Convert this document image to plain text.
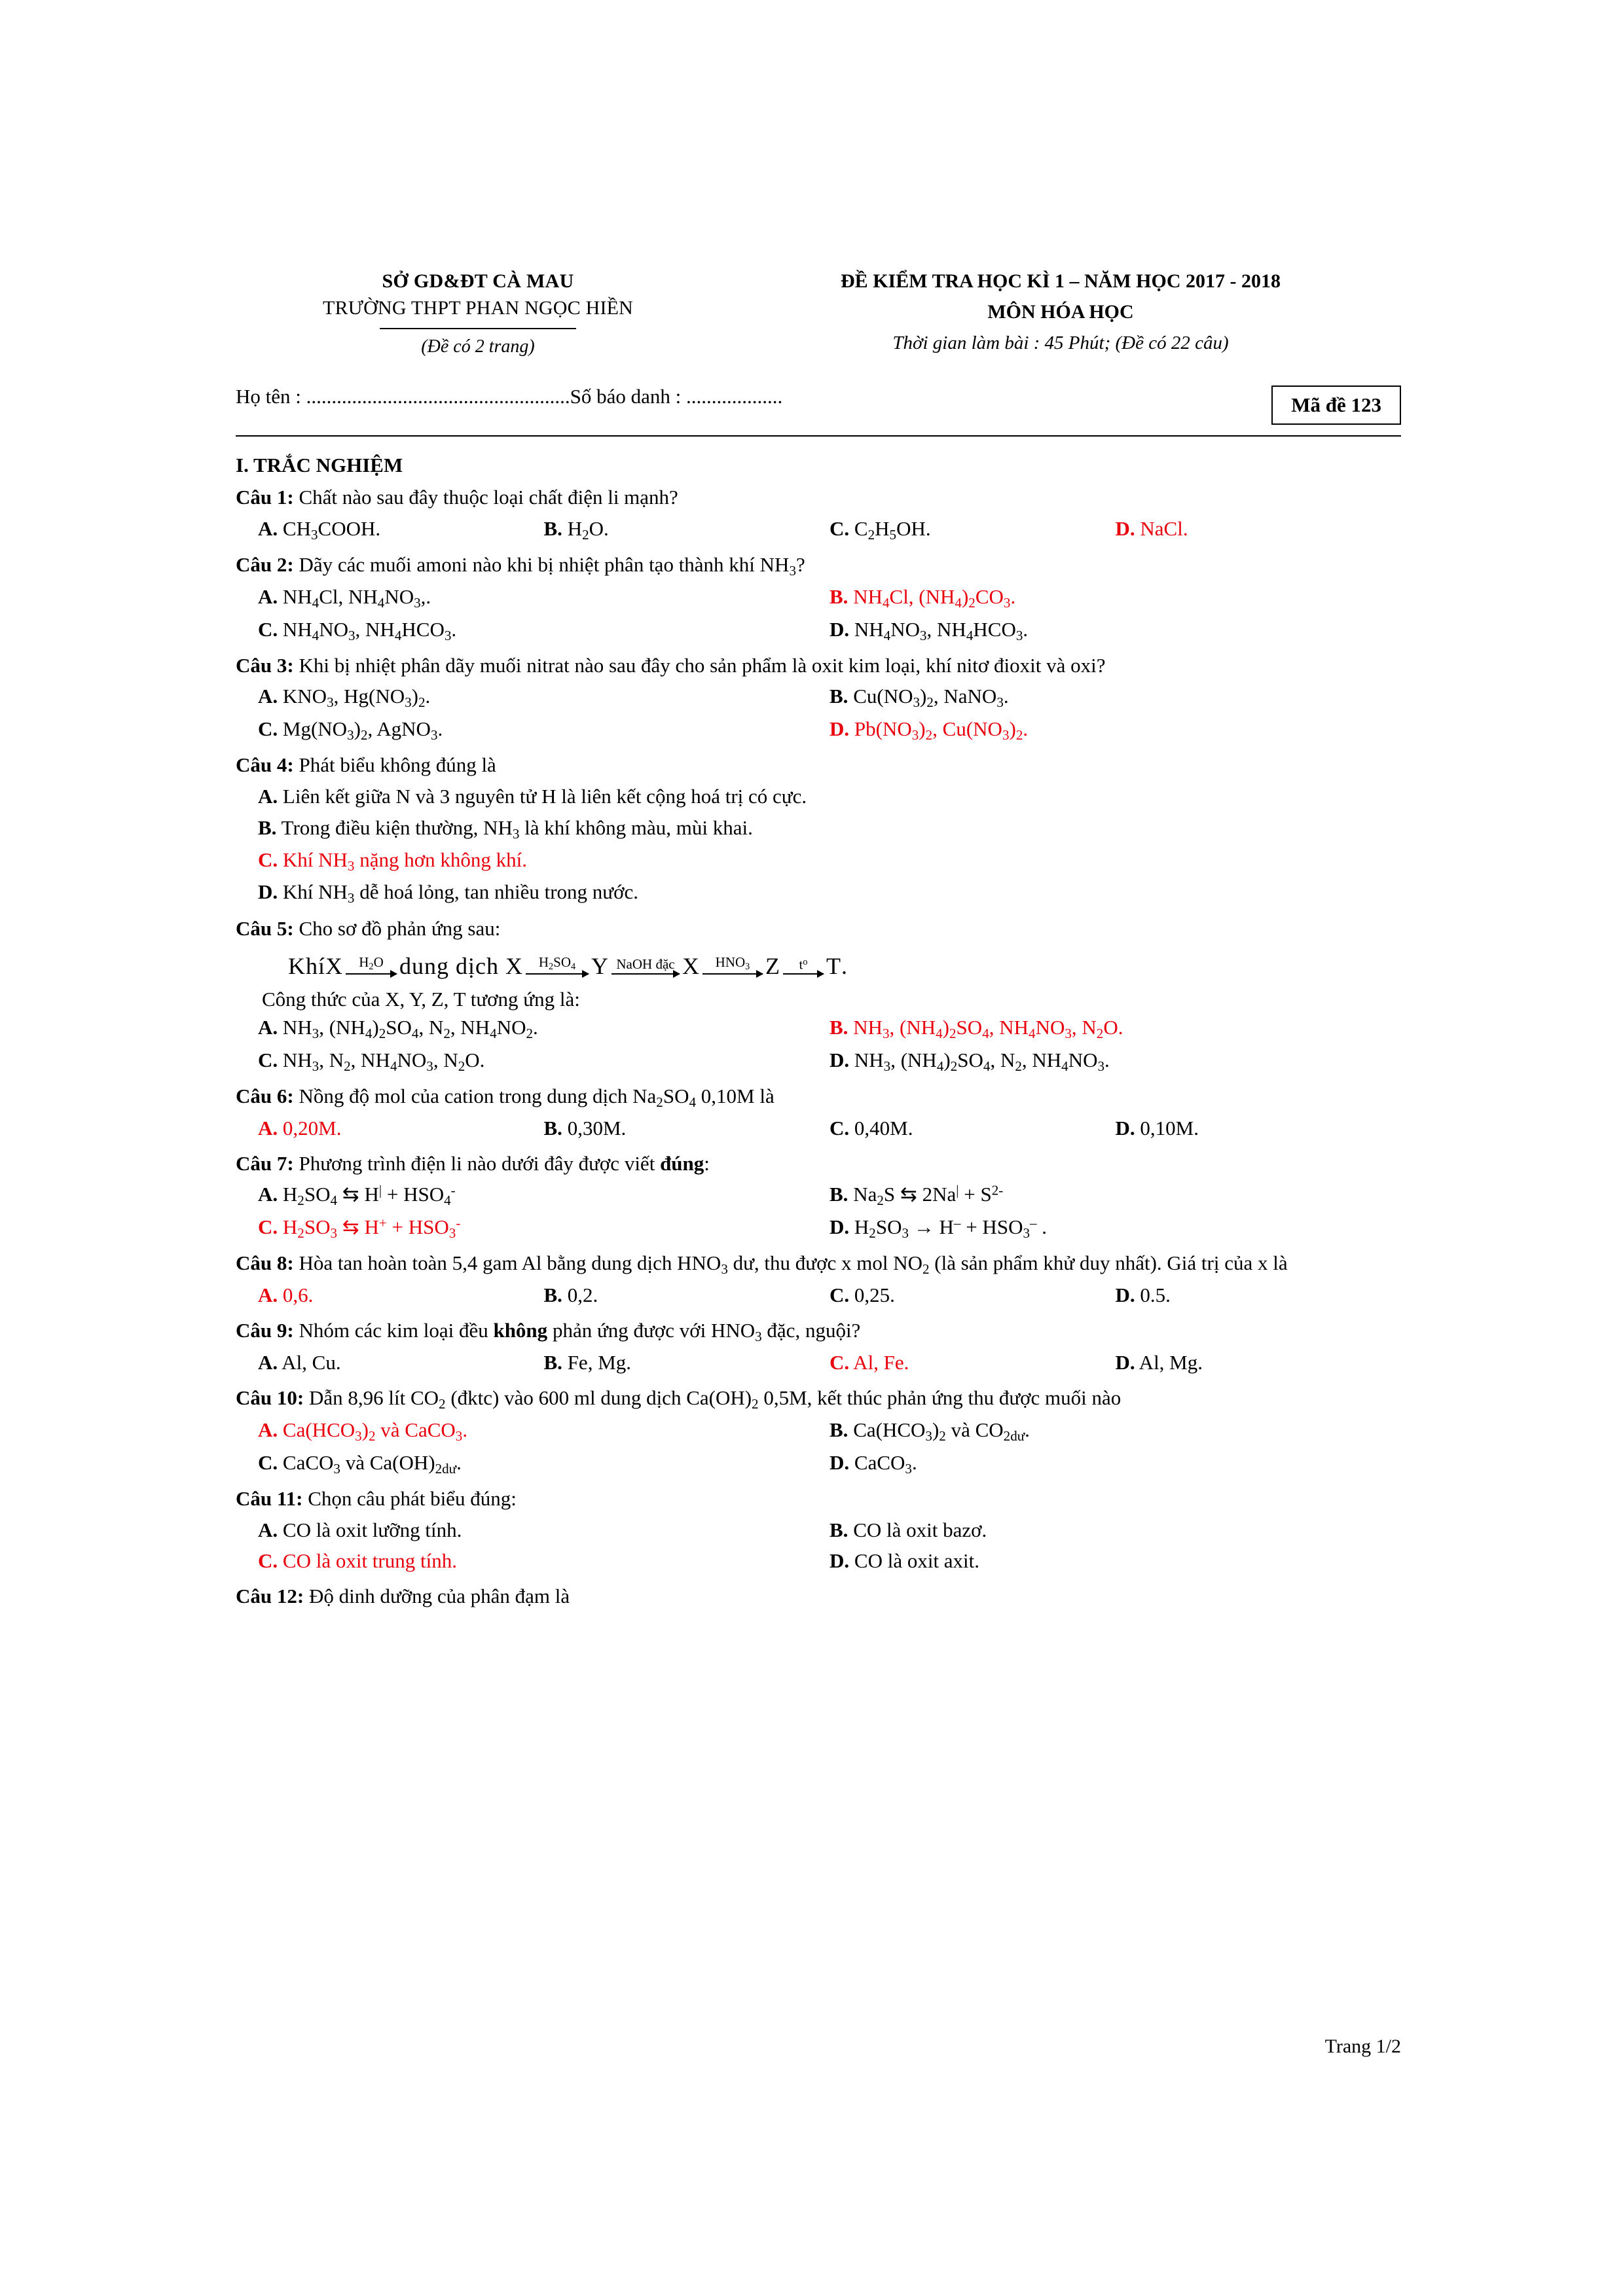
SỞ GD&ĐT CÀ MAU
TRƯỜNG THPT PHAN NGỌC HIỀN
(Đề có 2 trang)
ĐỀ KIỂM TRA HỌC KÌ 1 – NĂM HỌC 2017 - 2018
MÔN HÓA HỌC
Thời gian làm bài : 45 Phút; (Đề có 22 câu)
Họ tên : ....................................................Số báo danh : ...................	Mã đề 123
I. TRẮC NGHIỆM
Câu 1: Chất nào sau đây thuộc loại chất điện li mạnh?
A. $CH_3COOH$.	B. $H_2O$.	C. $C_2H_5OH$.	D. NaCl.
Câu 2: Dãy các muối amoni nào khi bị nhiệt phân tạo thành khí $NH_3$?
A. $NH_4Cl$, $NH_4NO_3$,.	B. $NH_4Cl$, $(NH_4)_2CO_3$.
C. $NH_4NO_3$, $NH_4HCO_3$.	D. $NH_4NO_3$, $NH_4HCO_3$.
Câu 3: Khi bị nhiệt phân dãy muối nitrat nào sau đây cho sản phẩm là oxit kim loại, khí nitơ đioxit và oxi?
A. $KNO_3$, $Hg(NO_3)_2$.	B. $Cu(NO_3)_2$, NaNO$_3$.
C. $Mg(NO_3)_2$, AgNO$_3$.	D. $Pb(NO_3)_2$, $Cu(NO_3)_2$.
Câu 4: Phát biểu không đúng là
A. Liên kết giữa N và 3 nguyên tử H là liên kết cộng hoá trị có cực.
B. Trong điều kiện thường, $NH_3$ là khí không màu, mùi khai.
C. Khí $NH_3$ nặng hơn không khí.
D. Khí $NH_3$ dễ hoá lỏng, tan nhiều trong nước.
Câu 5: Cho sơ đồ phản ứng sau:
KhíX	$H_2O$ dung dịch X	$H_2SO_4$ Y NaOH đặc X	$HNO_3$ Z	$t^o$ T .
Công thức của X, Y, Z, T tương ứng là:
A. $NH_3$, $(NH_4)_2SO_4$, $N_2$, $NH_4NO_2$.	B. $NH_3$, $(NH_4)_2SO_4$, $NH_4NO_3$, $N_2O$.
C. $NH_3$, $N_2$, $NH_4NO_3$, $N_2O$.	D. $NH_3$, $(NH_4)_2SO_4$, $N_2$, $NH_4NO_3$.
Câu 6: Nồng độ mol của cation trong dung dịch $Na_2SO_4$ 0,10M là
A. 0,20M.	B. 0,30M.	C. 0,40M.	D. 0,10M.
Câu 7: Phương trình điện li nào dưới đây được viết đúng:
A. $H_2SO_4$ ⇆ $H^| + HSO_4^-$	B. $Na_2S$ ⇆ $2Na^| + S^{2-}$
C. $H_2SO_3$ ⇆ $H^+ + HSO_3^-$	D. $H_2SO_3 \to H^- + HSO_3^-$ .
Câu 8: Hòa tan hoàn toàn 5,4 gam Al bằng dung dịch $HNO_3$ dư, thu được x mol $NO_2$ (là sản phẩm khử duy nhất). Giá trị của x là
A. 0,6.	B. 0,2.	C. 0,25.	D. 0.5.
Câu 9: Nhóm các kim loại đều không phản ứng được với $HNO_3$ đặc, nguội?
A. Al, Cu.	B. Fe, Mg.	C. Al, Fe.	D. Al, Mg.
Câu 10: Dẫn 8,96 lít $CO_2$ (đktc) vào 600 ml dung dịch $Ca(OH)_2$ 0,5M, kết thúc phản ứng thu được muối nào
A. $Ca(HCO_3)_2$ và CaCO$_3$.	B. $Ca(HCO_3)_2$ và $CO_{2dư}$.
C. CaCO$_3$ và $Ca(OH)_{2dư}$.	D. CaCO$_3$.
Câu 11: Chọn câu phát biểu đúng:
A. CO là oxit lưỡng tính.	B. CO là oxit bazơ.
C. CO là oxit trung tính.	D. CO là oxit axit.
Câu 12: Độ dinh dưỡng của phân đạm là
Trang 1/2
